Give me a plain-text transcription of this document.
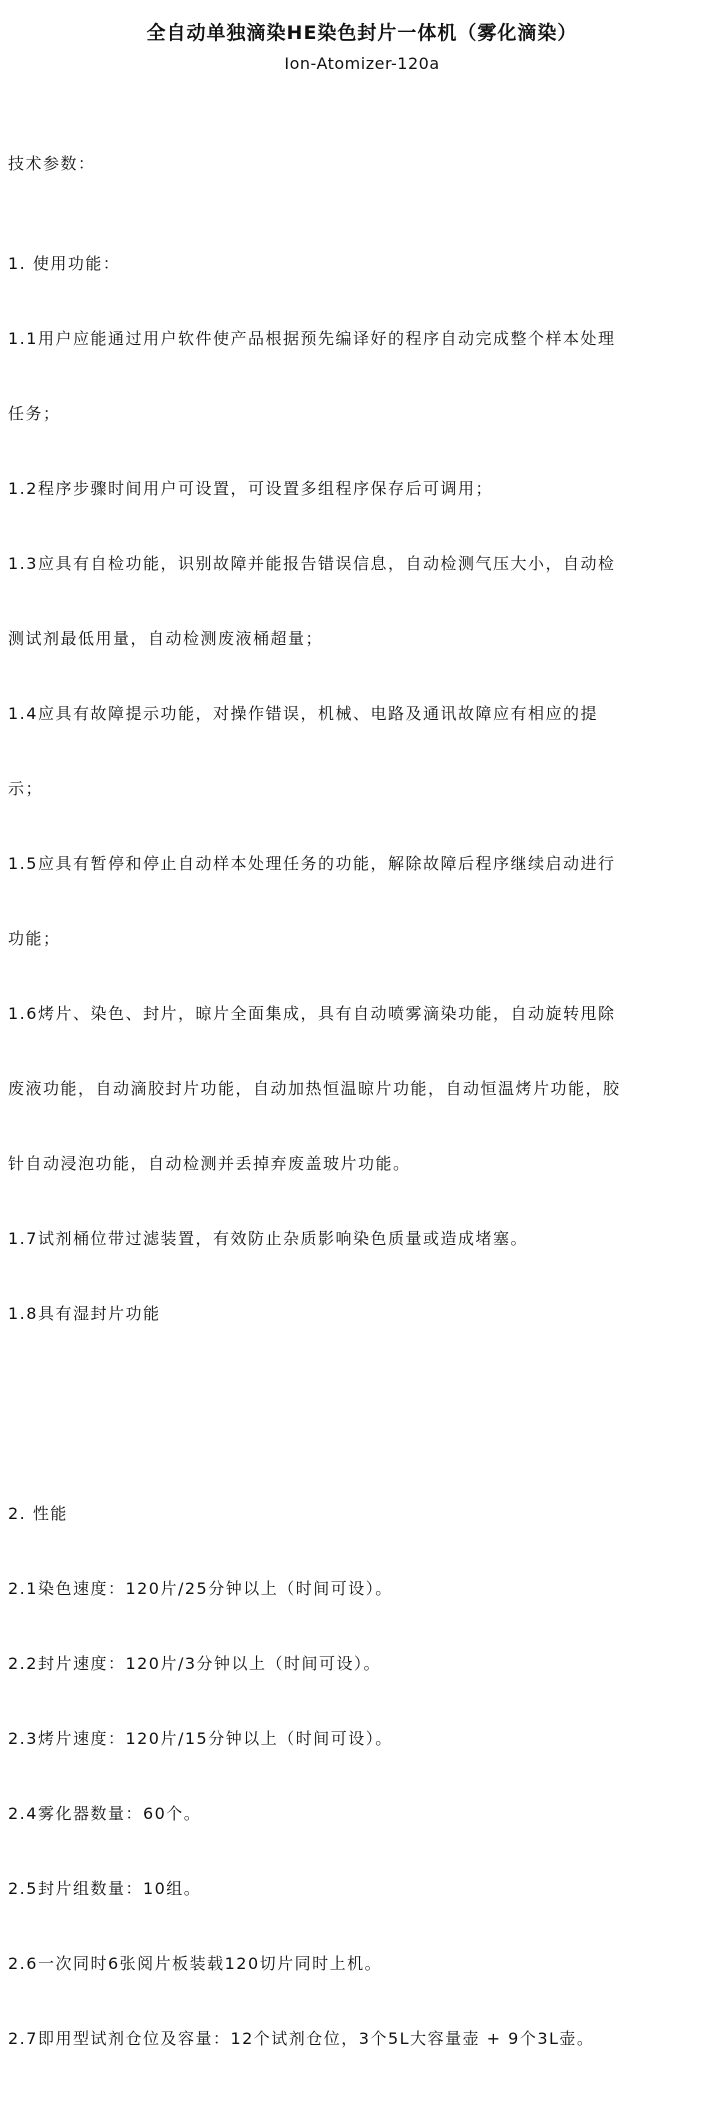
全自动单独滴染HE染色封片一体机（雾化滴染）
Ion-Atomizer-120a

技术参数：

1. 使用功能：

1.1用户应能通过用户软件使产品根据预先编译好的程序自动完成整个样本处理

任务；

1.2程序步骤时间用户可设置，可设置多组程序保存后可调用；

1.3应具有自检功能，识别故障并能报告错误信息，自动检测气压大小，自动检

测试剂最低用量，自动检测废液桶超量；

1.4应具有故障提示功能，对操作错误，机械、电路及通讯故障应有相应的提

示；

1.5应具有暂停和停止自动样本处理任务的功能，解除故障后程序继续启动进行

功能；

1.6烤片、染色、封片，晾片全面集成，具有自动喷雾滴染功能，自动旋转甩除

废液功能，自动滴胶封片功能，自动加热恒温晾片功能，自动恒温烤片功能，胶

针自动浸泡功能，自动检测并丢掉弃废盖玻片功能。

1.7试剂桶位带过滤装置，有效防止杂质影响染色质量或造成堵塞。

1.8具有湿封片功能

2. 性能

2.1染色速度：120片/25分钟以上（时间可设）。

2.2封片速度：120片/3分钟以上（时间可设）。

2.3烤片速度：120片/15分钟以上（时间可设）。

2.4雾化器数量：60个。

2.5封片组数量：10组。

2.6一次同时6张阅片板装载120切片同时上机。

2.7即用型试剂仓位及容量：12个试剂仓位，3个5L大容量壶 + 9个3L壶。
